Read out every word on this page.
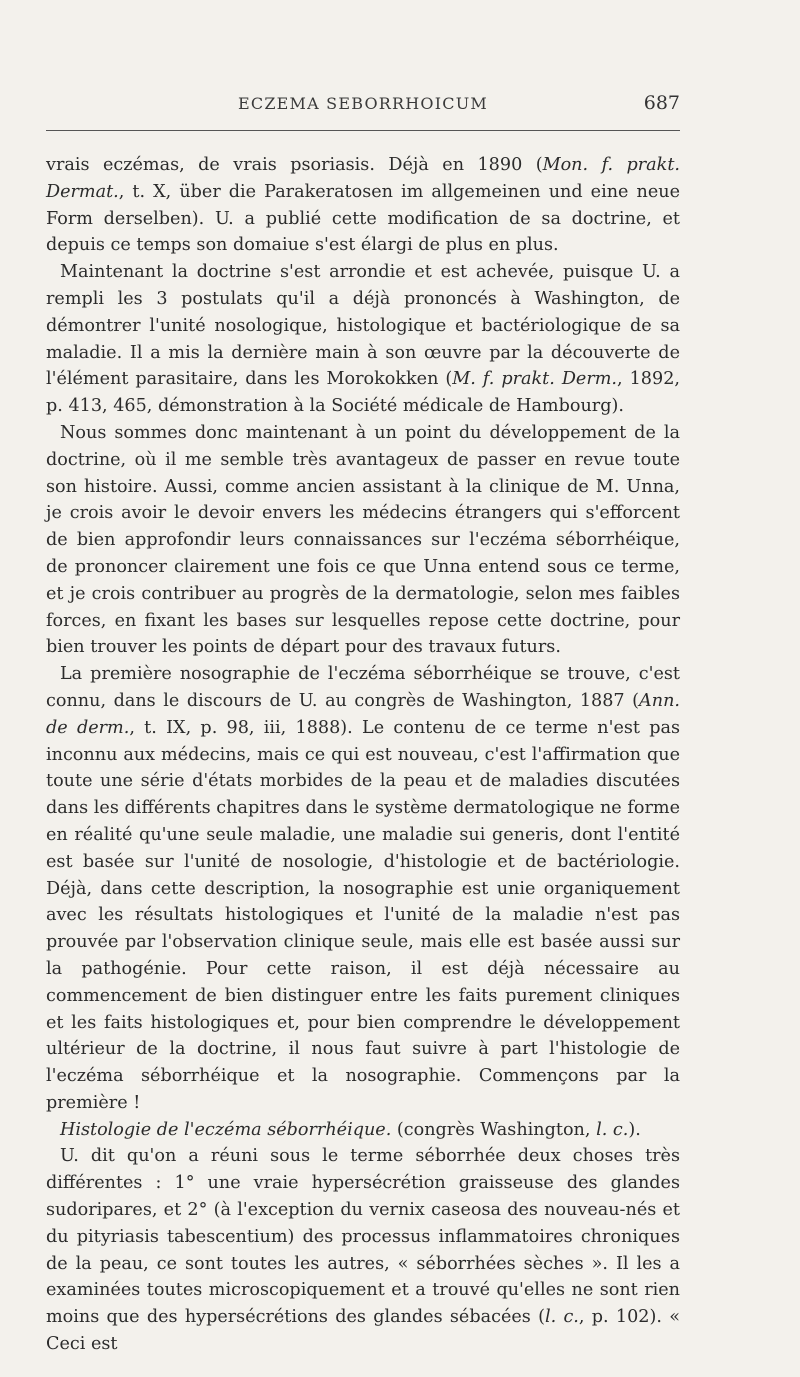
ECZEMA SEBORRHOICUM	687

vrais eczémas, de vrais psoriasis. Déjà en 1890 (Mon. f. prakt. Dermat., t. X, über die Parakeratosen im allgemeinen und eine neue Form derselben). U. a publié cette modification de sa doctrine, et depuis ce temps son domaiue s'est élargi de plus en plus.

Maintenant la doctrine s'est arrondie et est achevée, puisque U. a rempli les 3 postulats qu'il a déjà prononcés à Washington, de démontrer l'unité nosologique, histologique et bactériologique de sa maladie. Il a mis la dernière main à son œuvre par la découverte de l'élément parasitaire, dans les Morokokken (M. f. prakt. Derm., 1892, p. 413, 465, démonstration à la Société médicale de Hambourg).

Nous sommes donc maintenant à un point du développement de la doctrine, où il me semble très avantageux de passer en revue toute son histoire. Aussi, comme ancien assistant à la clinique de M. Unna, je crois avoir le devoir envers les médecins étrangers qui s'efforcent de bien approfondir leurs connaissances sur l'eczéma séborrhéique, de prononcer clairement une fois ce que Unna entend sous ce terme, et je crois contribuer au progrès de la dermatologie, selon mes faibles forces, en fixant les bases sur lesquelles repose cette doctrine, pour bien trouver les points de départ pour des travaux futurs.

La première nosographie de l'eczéma séborrhéique se trouve, c'est connu, dans le discours de U. au congrès de Washington, 1887 (Ann. de derm., t. IX, p. 98, iii, 1888). Le contenu de ce terme n'est pas inconnu aux médecins, mais ce qui est nouveau, c'est l'affirmation que toute une série d'états morbides de la peau et de maladies discutées dans les différents chapitres dans le système dermatologique ne forme en réalité qu'une seule maladie, une maladie sui generis, dont l'entité est basée sur l'unité de nosologie, d'histologie et de bactériologie. Déjà, dans cette description, la nosographie est unie organiquement avec les résultats histologiques et l'unité de la maladie n'est pas prouvée par l'observation clinique seule, mais elle est basée aussi sur la pathogénie. Pour cette raison, il est déjà nécessaire au commencement de bien distinguer entre les faits purement cliniques et les faits histologiques et, pour bien comprendre le développement ultérieur de la doctrine, il nous faut suivre à part l'histologie de l'eczéma séborrhéique et la nosographie. Commençons par la première !

Histologie de l'eczéma séborrhéique. (congrès Washington, l. c.).

U. dit qu'on a réuni sous le terme séborrhée deux choses très différentes : 1° une vraie hypersécrétion graisseuse des glandes sudoripares, et 2° (à l'exception du vernix caseosa des nouveau-nés et du pityriasis tabescentium) des processus inflammatoires chroniques de la peau, ce sont toutes les autres, « séborrhées sèches ». Il les a examinées toutes microscopiquement et a trouvé qu'elles ne sont rien moins que des hypersécrétions des glandes sébacées (l. c., p. 102). « Ceci est
